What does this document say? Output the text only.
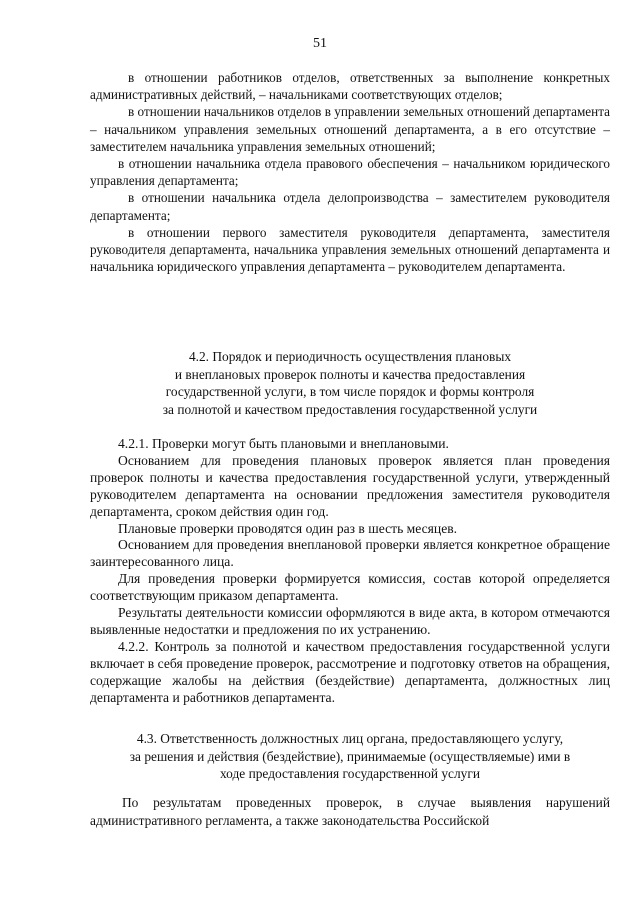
51

в отношении работников отделов, ответственных за выполнение конкретных административных действий, – начальниками соответствующих отделов;

в отношении начальников отделов в управлении земельных отношений департамента – начальником управления земельных отношений департамента, а в его отсутствие – заместителем начальника управления земельных отношений;

в отношении начальника отдела правового обеспечения – начальником юридического управления департамента;

в отношении начальника отдела делопроизводства – заместителем руководителя департамента;

в отношении первого заместителя руководителя департамента, заместителя руководителя департамента, начальника управления земельных отношений департамента и начальника юридического управления департамента – руководителем департамента.

4.2. Порядок и периодичность осуществления плановых
и внеплановых проверок полноты и качества предоставления
государственной услуги, в том числе порядок и формы контроля
за полнотой и качеством предоставления государственной услуги

4.2.1. Проверки могут быть плановыми и внеплановыми.

Основанием для проведения плановых проверок является план проведения проверок полноты и качества предоставления государственной услуги, утвержденный руководителем департамента на основании предложения заместителя руководителя департамента, сроком действия один год.

Плановые проверки проводятся один раз в шесть месяцев.

Основанием для проведения внеплановой проверки является конкретное обращение заинтересованного лица.

Для проведения проверки формируется комиссия, состав которой определяется соответствующим приказом департамента.

Результаты деятельности комиссии оформляются в виде акта, в котором отмечаются выявленные недостатки и предложения по их устранению.

4.2.2. Контроль за полнотой и качеством предоставления государственной услуги включает в себя проведение проверок, рассмотрение и подготовку ответов на обращения, содержащие жалобы на действия (бездействие) департамента, должностных лиц департамента и работников департамента.

4.3. Ответственность должностных лиц органа, предоставляющего услугу,
за решения и действия (бездействие), принимаемые (осуществляемые) ими в
ходе предоставления государственной услуги

По результатам проведенных проверок, в случае выявления нарушений административного регламента, а также законодательства Российской
